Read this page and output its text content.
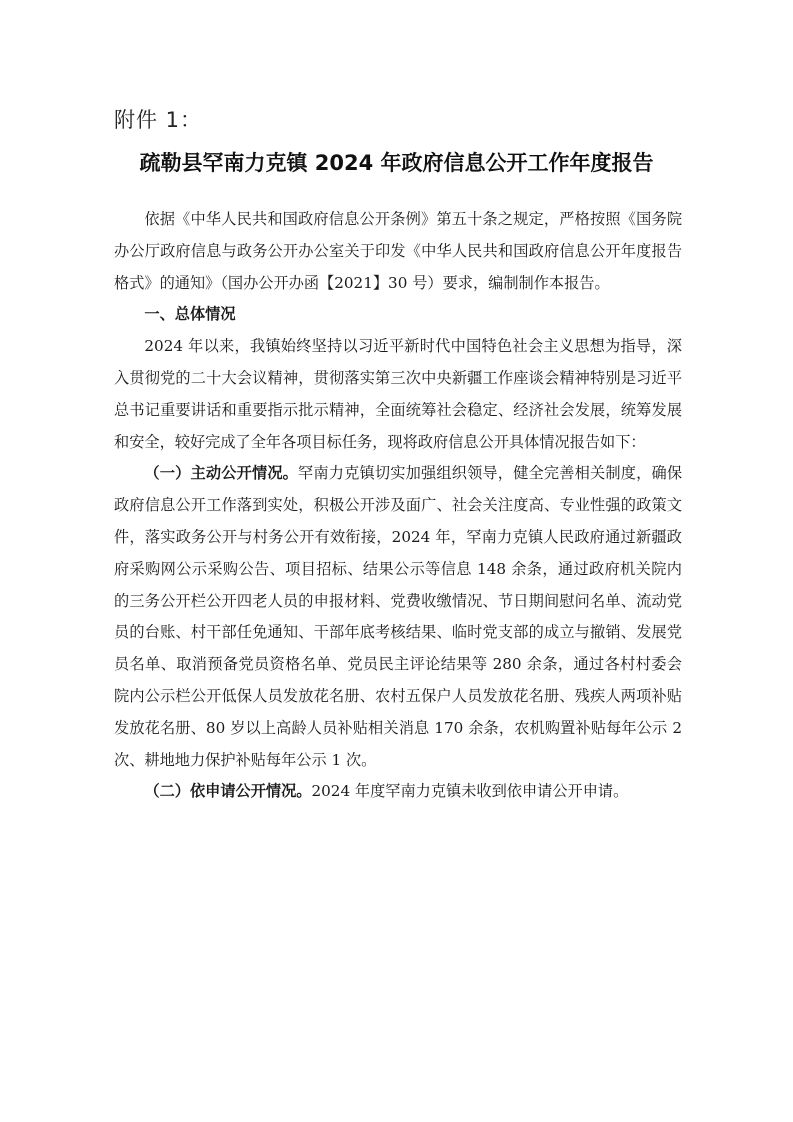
附件 1：
疏勒县罕南力克镇 2024 年政府信息公开工作年度报告

依据《中华人民共和国政府信息公开条例》第五十条之规定，严格按照《国务院办公厅政府信息与政务公开办公室关于印发《中华人民共和国政府信息公开年度报告格式》的通知》（国办公开办函【2021】30 号）要求，编制制作本报告。

一、总体情况

2024 年以来，我镇始终坚持以习近平新时代中国特色社会主义思想为指导，深入贯彻党的二十大会议精神，贯彻落实第三次中央新疆工作座谈会精神特别是习近平总书记重要讲话和重要指示批示精神，全面统筹社会稳定、经济社会发展，统筹发展和安全，较好完成了全年各项目标任务，现将政府信息公开具体情况报告如下：

（一）主动公开情况。罕南力克镇切实加强组织领导，健全完善相关制度，确保政府信息公开工作落到实处，积极公开涉及面广、社会关注度高、专业性强的政策文件，落实政务公开与村务公开有效衔接，2024 年，罕南力克镇人民政府通过新疆政府采购网公示采购公告、项目招标、结果公示等信息 148 余条，通过政府机关院内的三务公开栏公开四老人员的申报材料、党费收缴情况、节日期间慰问名单、流动党员的台账、村干部任免通知、干部年底考核结果、临时党支部的成立与撤销、发展党员名单、取消预备党员资格名单、党员民主评论结果等 280 余条，通过各村村委会院内公示栏公开低保人员发放花名册、农村五保户人员发放花名册、残疾人两项补贴发放花名册、80 岁以上高龄人员补贴相关消息 170 余条，农机购置补贴每年公示 2 次、耕地地力保护补贴每年公示 1 次。

（二）依申请公开情况。2024 年度罕南力克镇未收到依申请公开申请。
